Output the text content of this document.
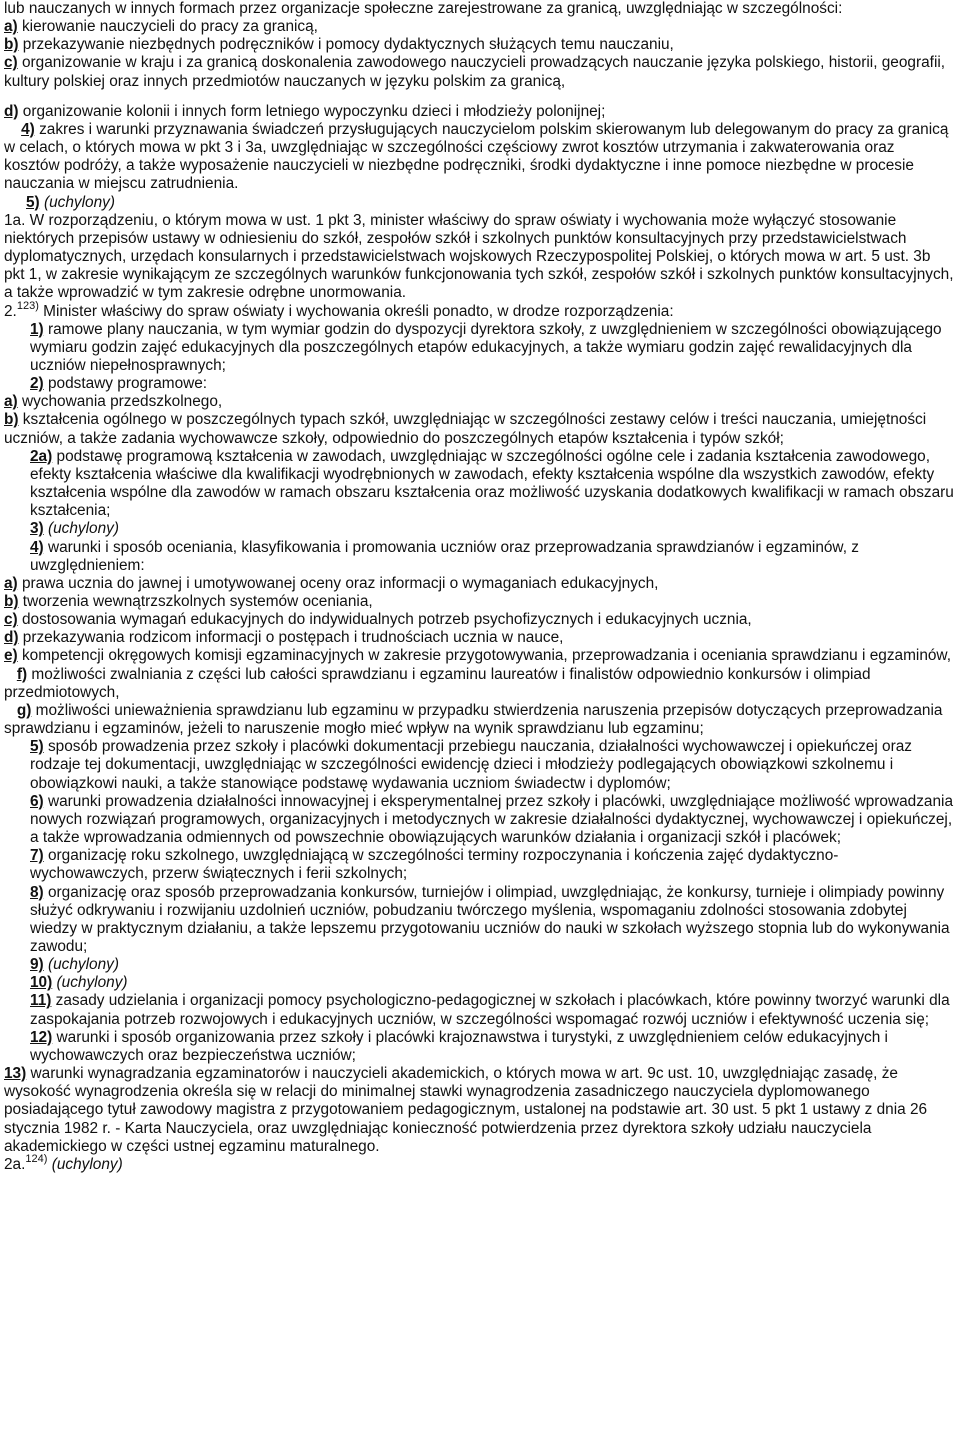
lub nauczanych w innych formach przez organizacje społeczne zarejestrowane za granicą, uwzględniając w szczególności:
a) kierowanie nauczycieli do pracy za granicą,
b) przekazywanie niezbędnych podręczników i pomocy dydaktycznych służących temu nauczaniu,
c) organizowanie w kraju i za granicą doskonalenia zawodowego nauczycieli prowadzących nauczanie języka polskiego, historii, geografii, kultury polskiej oraz innych przedmiotów nauczanych w języku polskim za granicą,
d) organizowanie kolonii i innych form letniego wypoczynku dzieci i młodzieży polonijnej;
4) zakres i warunki przyznawania świadczeń przysługujących nauczycielom polskim skierowanym lub delegowanym do pracy za granicą w celach, o których mowa w pkt 3 i 3a, uwzględniając w szczególności częściowy zwrot kosztów utrzymania i zakwaterowania oraz kosztów podróży, a także wyposażenie nauczycieli w niezbędne podręczniki, środki dydaktyczne i inne pomoce niezbędne w procesie nauczania w miejscu zatrudnienia.
5) (uchylony)
1a. W rozporządzeniu, o którym mowa w ust. 1 pkt 3, minister właściwy do spraw oświaty i wychowania może wyłączyć stosowanie niektórych przepisów ustawy w odniesieniu do szkół, zespołów szkół i szkolnych punktów konsultacyjnych przy przedstawicielstwach dyplomatycznych, urzędach konsularnych i przedstawicielstwach wojskowych Rzeczypospolitej Polskiej, o których mowa w art. 5 ust. 3b pkt 1, w zakresie wynikającym ze szczególnych warunków funkcjonowania tych szkół, zespołów szkół i szkolnych punktów konsultacyjnych, a także wprowadzić w tym zakresie odrębne unormowania.
2.$^{123)}$ Minister właściwy do spraw oświaty i wychowania określi ponadto, w drodze rozporządzenia:
1) ramowe plany nauczania, w tym wymiar godzin do dyspozycji dyrektora szkoły, z uwzględnieniem w szczególności obowiązującego wymiaru godzin zajęć edukacyjnych dla poszczególnych etapów edukacyjnych, a także wymiaru godzin zajęć rewalidacyjnych dla uczniów niepełnosprawnych;
2) podstawy programowe:
a) wychowania przedszkolnego,
b) kształcenia ogólnego w poszczególnych typach szkół, uwzględniając w szczególności zestawy celów i treści nauczania, umiejętności uczniów, a także zadania wychowawcze szkoły, odpowiednio do poszczególnych etapów kształcenia i typów szkół;
2a) podstawę programową kształcenia w zawodach, uwzględniając w szczególności ogólne cele i zadania kształcenia zawodowego, efekty kształcenia właściwe dla kwalifikacji wyodrębnionych w zawodach, efekty kształcenia wspólne dla wszystkich zawodów, efekty kształcenia wspólne dla zawodów w ramach obszaru kształcenia oraz możliwość uzyskania dodatkowych kwalifikacji w ramach obszaru kształcenia;
3) (uchylony)
4) warunki i sposób oceniania, klasyfikowania i promowania uczniów oraz przeprowadzania sprawdzianów i egzaminów, z uwzględnieniem:
a) prawa ucznia do jawnej i umotywowanej oceny oraz informacji o wymaganiach edukacyjnych,
b) tworzenia wewnątrzszkolnych systemów oceniania,
c) dostosowania wymagań edukacyjnych do indywidualnych potrzeb psychofizycznych i edukacyjnych ucznia,
d) przekazywania rodzicom informacji o postępach i trudnościach ucznia w nauce,
e) kompetencji okręgowych komisji egzaminacyjnych w zakresie przygotowywania, przeprowadzania i oceniania sprawdzianu i egzaminów,
f) możliwości zwalniania z części lub całości sprawdzianu i egzaminu laureatów i finalistów odpowiednio konkursów i olimpiad przedmiotowych,
g) możliwości unieważnienia sprawdzianu lub egzaminu w przypadku stwierdzenia naruszenia przepisów dotyczących przeprowadzania sprawdzianu i egzaminów, jeżeli to naruszenie mogło mieć wpływ na wynik sprawdzianu lub egzaminu;
5) sposób prowadzenia przez szkoły i placówki dokumentacji przebiegu nauczania, działalności wychowawczej i opiekuńczej oraz rodzaje tej dokumentacji, uwzględniając w szczególności ewidencję dzieci i młodzieży podlegających obowiązkowi szkolnemu i obowiązkowi nauki, a także stanowiące podstawę wydawania uczniom świadectw i dyplomów;
6) warunki prowadzenia działalności innowacyjnej i eksperymentalnej przez szkoły i placówki, uwzględniające możliwość wprowadzania nowych rozwiązań programowych, organizacyjnych i metodycznych w zakresie działalności dydaktycznej, wychowawczej i opiekuńczej, a także wprowadzania odmiennych od powszechnie obowiązujących warunków działania i organizacji szkół i placówek;
7) organizację roku szkolnego, uwzględniającą w szczególności terminy rozpoczynania i kończenia zajęć dydaktyczno-wychowawczych, przerw świątecznych i ferii szkolnych;
8) organizację oraz sposób przeprowadzania konkursów, turniejów i olimpiad, uwzględniając, że konkursy, turnieje i olimpiady powinny służyć odkrywaniu i rozwijaniu uzdolnień uczniów, pobudzaniu twórczego myślenia, wspomaganiu zdolności stosowania zdobytej wiedzy w praktycznym działaniu, a także lepszemu przygotowaniu uczniów do nauki w szkołach wyższego stopnia lub do wykonywania zawodu;
9) (uchylony)
10) (uchylony)
11) zasady udzielania i organizacji pomocy psychologiczno-pedagogicznej w szkołach i placówkach, które powinny tworzyć warunki dla zaspokajania potrzeb rozwojowych i edukacyjnych uczniów, w szczególności wspomagać rozwój uczniów i efektywność uczenia się;
12) warunki i sposób organizowania przez szkoły i placówki krajoznawstwa i turystyki, z uwzględnieniem celów edukacyjnych i wychowawczych oraz bezpieczeństwa uczniów;
13) warunki wynagradzania egzaminatorów i nauczycieli akademickich, o których mowa w art. 9c ust. 10, uwzględniając zasadę, że wysokość wynagrodzenia określa się w relacji do minimalnej stawki wynagrodzenia zasadniczego nauczyciela dyplomowanego posiadającego tytuł zawodowy magistra z przygotowaniem pedagogicznym, ustalonej na podstawie art. 30 ust. 5 pkt 1 ustawy z dnia 26 stycznia 1982 r. - Karta Nauczyciela, oraz uwzględniając konieczność potwierdzenia przez dyrektora szkoły udziału nauczyciela akademickiego w części ustnej egzaminu maturalnego.
2a.$^{124)}$ (uchylony)
